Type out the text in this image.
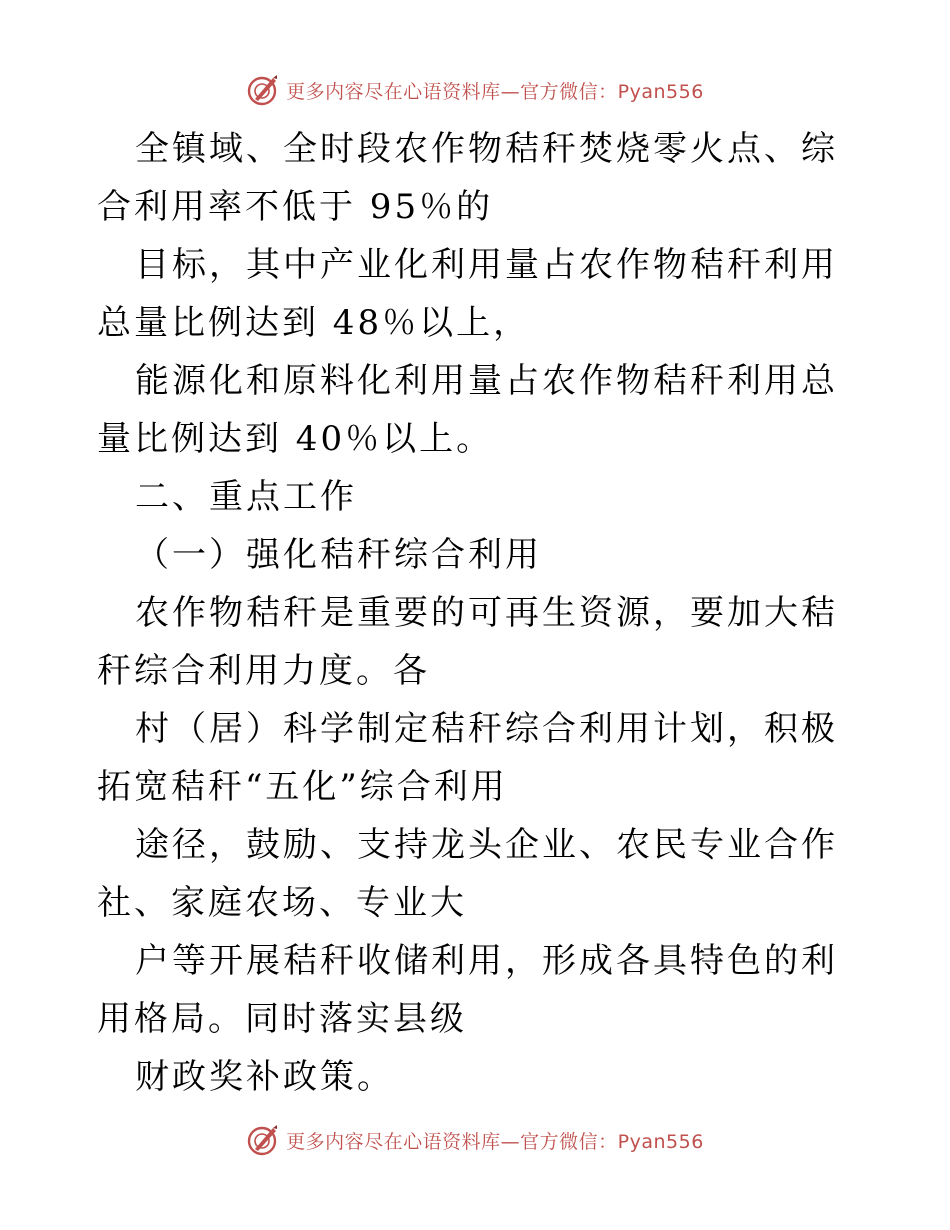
更多内容尽在心语资料库—官方微信：Pyan556

全镇域、全时段农作物秸秆焚烧零火点、综合利用率不低于 95％的

目标，其中产业化利用量占农作物秸秆利用总量比例达到 48％以上，

能源化和原料化利用量占农作物秸秆利用总量比例达到 40％以上。

二、重点工作

（一）强化秸秆综合利用

农作物秸秆是重要的可再生资源，要加大秸秆综合利用力度。各

村（居）科学制定秸秆综合利用计划，积极拓宽秸秆“五化”综合利用

途径，鼓励、支持龙头企业、农民专业合作社、家庭农场、专业大

户等开展秸秆收储利用，形成各具特色的利用格局。同时落实县级

财政奖补政策。

更多内容尽在心语资料库—官方微信：Pyan556
